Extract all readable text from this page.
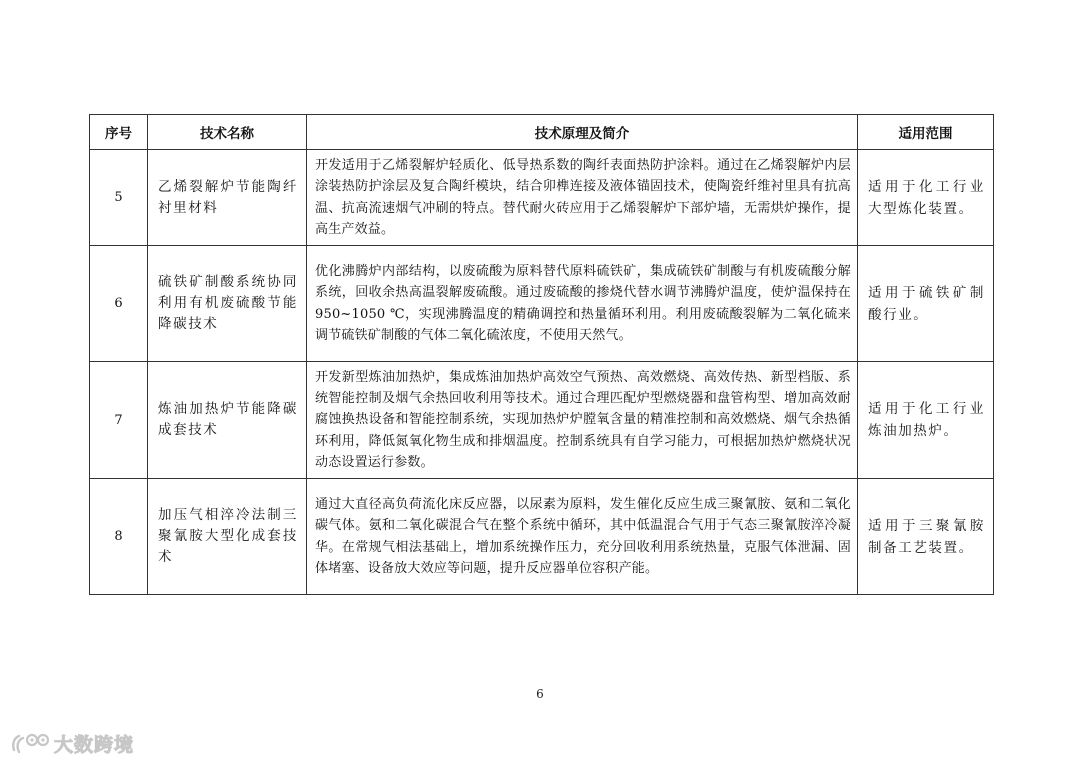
序号	技术名称	技术原理及简介	适用范围
5	乙烯裂解炉节能陶纤衬里材料	开发适用于乙烯裂解炉轻质化、低导热系数的陶纤表面热防护涂料。通过在乙烯裂解炉内层涂装热防护涂层及复合陶纤模块，结合卯榫连接及液体锚固技术，使陶瓷纤维衬里具有抗高温、抗高流速烟气冲刷的特点。替代耐火砖应用于乙烯裂解炉下部炉墙，无需烘炉操作，提高生产效益。	适用于化工行业大型炼化装置。
6	硫铁矿制酸系统协同利用有机废硫酸节能降碳技术	优化沸腾炉内部结构，以废硫酸为原料替代原料硫铁矿，集成硫铁矿制酸与有机废硫酸分解系统，回收余热高温裂解废硫酸。通过废硫酸的掺烧代替水调节沸腾炉温度，使炉温保持在 950~1050 ℃，实现沸腾温度的精确调控和热量循环利用。利用废硫酸裂解为二氧化硫来调节硫铁矿制酸的气体二氧化硫浓度，不使用天然气。	适用于硫铁矿制酸行业。
7	炼油加热炉节能降碳成套技术	开发新型炼油加热炉，集成炼油加热炉高效空气预热、高效燃烧、高效传热、新型档版、系统智能控制及烟气余热回收利用等技术。通过合理匹配炉型燃烧器和盘管构型、增加高效耐腐蚀换热设备和智能控制系统，实现加热炉炉膛氧含量的精准控制和高效燃烧、烟气余热循环利用，降低氮氧化物生成和排烟温度。控制系统具有自学习能力，可根据加热炉燃烧状况动态设置运行参数。	适用于化工行业炼油加热炉。
8	加压气相淬冷法制三聚氰胺大型化成套技术	通过大直径高负荷流化床反应器，以尿素为原料，发生催化反应生成三聚氰胺、氨和二氧化碳气体。氨和二氧化碳混合气在整个系统中循环，其中低温混合气用于气态三聚氰胺淬冷凝华。在常规气相法基础上，增加系统操作压力，充分回收利用系统热量，克服气体泄漏、固体堵塞、设备放大效应等问题，提升反应器单位容积产能。	适用于三聚氰胺制备工艺装置。
6
大数跨境
